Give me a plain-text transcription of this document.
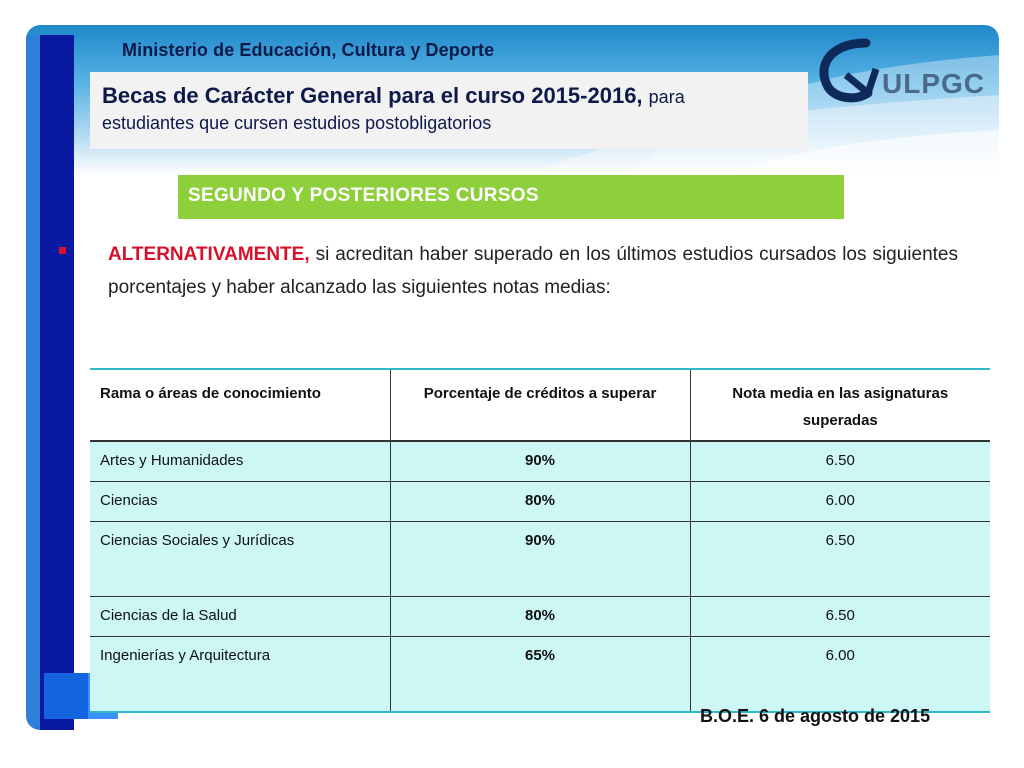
Ministerio de Educación, Cultura y Deporte
Becas de Carácter General para el curso 2015-2016, para
estudiantes que cursen estudios postobligatorios
ULPGC
SEGUNDO Y POSTERIORES CURSOS
ALTERNATIVAMENTE, si acreditan haber superado en los últimos estudios cursados los siguientes porcentajes y haber alcanzado las siguientes notas medias:
Rama o áreas de conocimiento	Porcentaje de créditos a superar	Nota media en las asignaturas superadas
Artes y Humanidades	90%	6.50
Ciencias	80%	6.00
Ciencias Sociales y Jurídicas	90%	6.50
Ciencias de la Salud	80%	6.50
Ingenierías y Arquitectura	65%	6.00
B.O.E. 6 de agosto de 2015
